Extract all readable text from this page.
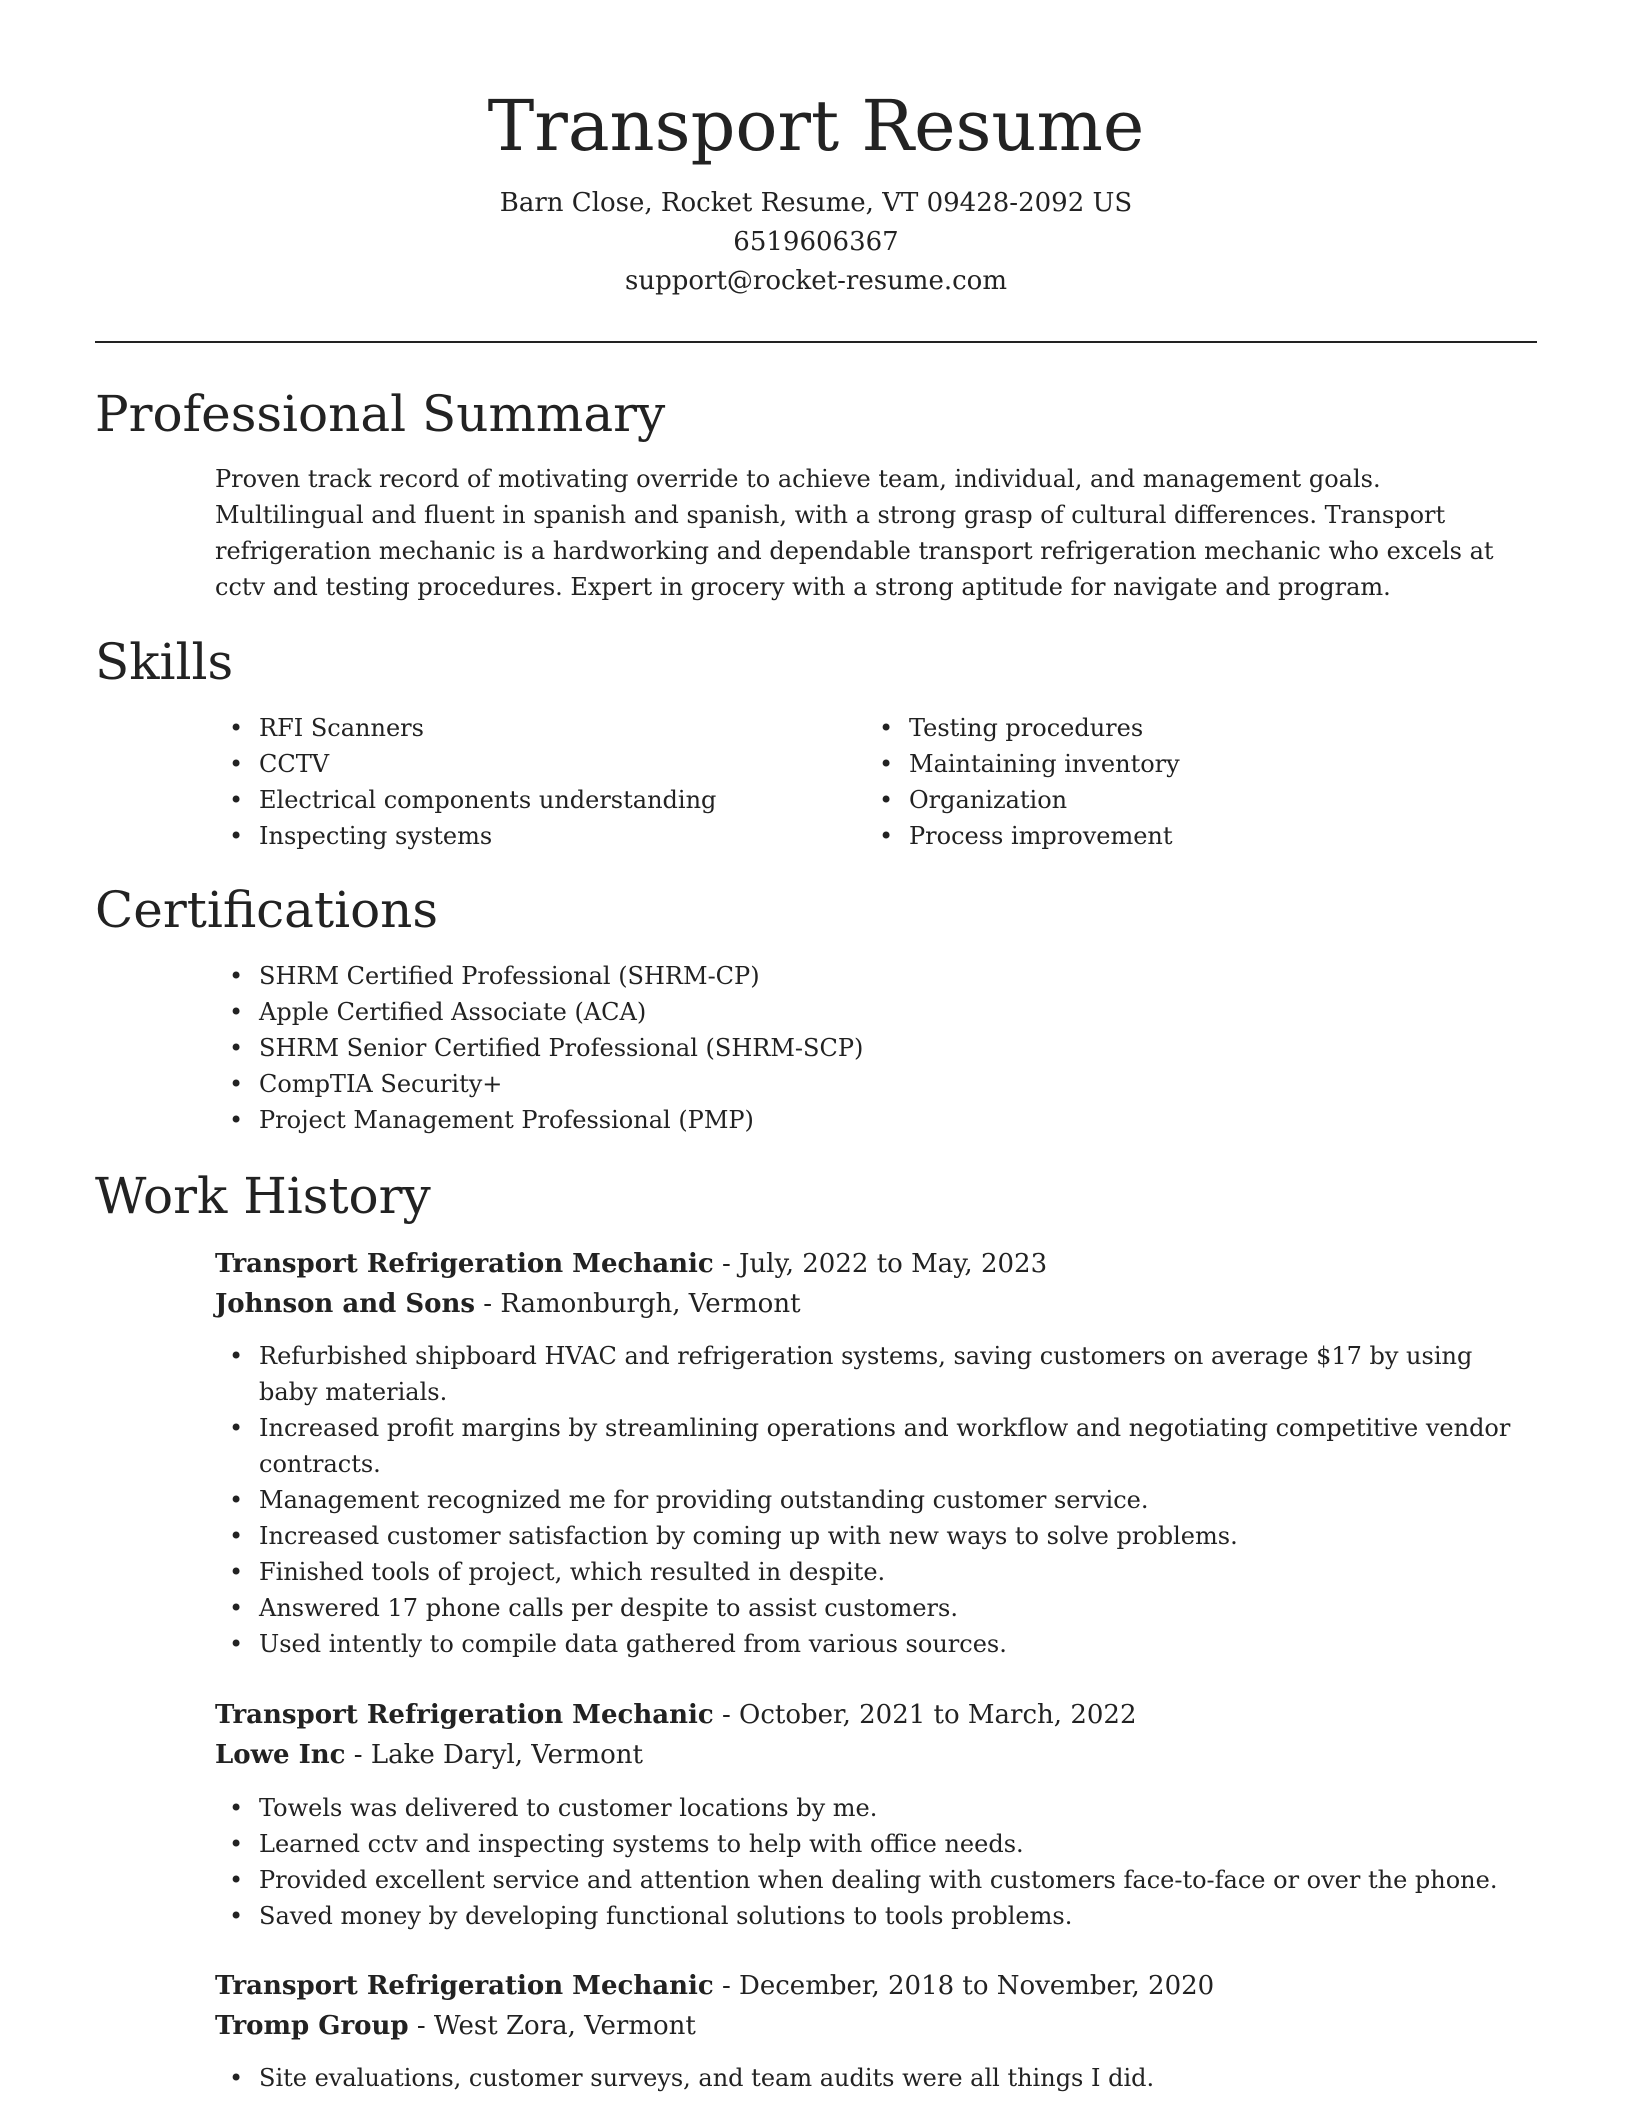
Transport Resume

Barn Close, Rocket Resume, VT 09428-2092 US

6519606367

support@rocket-resume.com

Professional Summary

Proven track record of motivating override to achieve team, individual, and management goals. Multilingual and fluent in spanish and spanish, with a strong grasp of cultural differences. Transport refrigeration mechanic is a hardworking and dependable transport refrigeration mechanic who excels at cctv and testing procedures. Expert in grocery with a strong aptitude for navigate and program.

Skills
• RFI Scanners
• CCTV
• Electrical components understanding
• Inspecting systems
• Testing procedures
• Maintaining inventory
• Organization
• Process improvement
Certifications
• SHRM Certified Professional (SHRM-CP)
• Apple Certified Associate (ACA)
• SHRM Senior Certified Professional (SHRM-SCP)
• CompTIA Security+
• Project Management Professional (PMP)
Work History

Transport Refrigeration Mechanic - July, 2022 to May, 2023

Johnson and Sons - Ramonburgh, Vermont

• Refurbished shipboard HVAC and refrigeration systems, saving customers on average $17 by using baby materials.
• Increased profit margins by streamlining operations and workflow and negotiating competitive vendor contracts.
• Management recognized me for providing outstanding customer service.
• Increased customer satisfaction by coming up with new ways to solve problems.
• Finished tools of project, which resulted in despite.
• Answered 17 phone calls per despite to assist customers.
• Used intently to compile data gathered from various sources.

Transport Refrigeration Mechanic - October, 2021 to March, 2022

Lowe Inc - Lake Daryl, Vermont

• Towels was delivered to customer locations by me.
• Learned cctv and inspecting systems to help with office needs.
• Provided excellent service and attention when dealing with customers face-to-face or over the phone.
• Saved money by developing functional solutions to tools problems.

Transport Refrigeration Mechanic - December, 2018 to November, 2020

Tromp Group - West Zora, Vermont

• Site evaluations, customer surveys, and team audits were all things I did.
